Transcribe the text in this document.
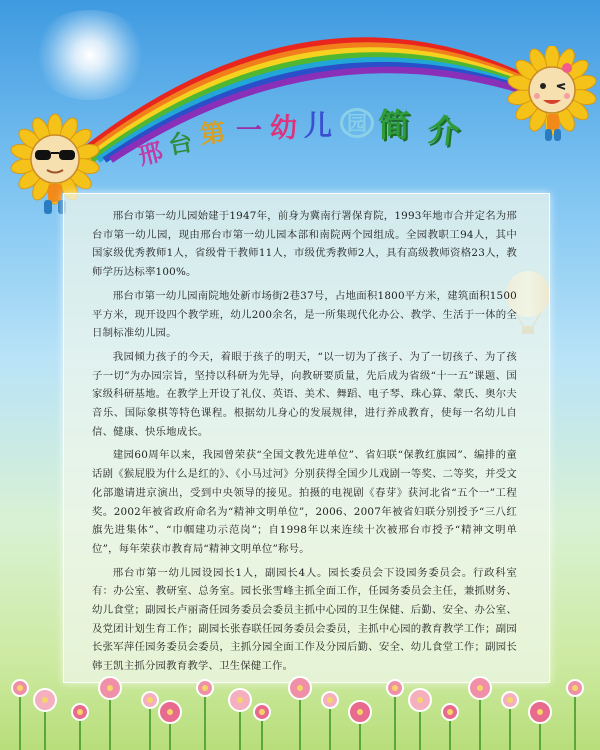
邢 台 第 一 幼 儿 园 简 介

邢台市第一幼儿园始建于1947年，前身为冀南行署保育院，1993年地市合并定名为邢台市第一幼儿园，现由邢台市第一幼儿园本部和南院两个园组成。全园教职工94人，其中国家级优秀教师1人，省级骨干教师11人，市级优秀教师2人，具有高级教师资格23人，教师学历达标率100%。

邢台市第一幼儿园南院地处新市场街2巷37号，占地面积1800平方米，建筑面积1500平方米，现开设四个教学班，幼儿200余名，是一所集现代化办公、教学、生活于一体的全日制标准幼儿园。

我园倾力孩子的今天，着眼于孩子的明天，“以一切为了孩子、为了一切孩子、为了孩子一切”为办园宗旨，坚持以科研为先导，向教研要质量，先后成为省级“十一五”课题、国家级科研基地。在教学上开设了礼仪、英语、美术、舞蹈、电子琴、珠心算、蒙氏、奥尔夫音乐、国际象棋等特色课程。根据幼儿身心的发展规律，进行养成教育，使每一名幼儿自信、健康、快乐地成长。

建园60周年以来，我园曾荣获“全国文教先进单位”、省妇联“保教红旗园”、编排的童话剧《猴屁股为什么是红的》、《小马过河》分别获得全国少儿戏剧一等奖、二等奖，并受文化部邀请进京演出，受到中央领导的接见。拍摄的电视剧《春芽》获河北省“五个一”工程奖。2002年被省政府命名为“精神文明单位”，2006、2007年被省妇联分别授予“三八红旗先进集体”、“巾帼建功示范岗”；自1998年以来连续十次被邢台市授予“精神文明单位”，每年荣获市教育局“精神文明单位”称号。

邢台市第一幼儿园设园长1人，副园长4人。园长委员会下设园务委员会。行政科室有：办公室、教研室、总务室。园长张雪峰主抓全面工作，任园务委员会主任，兼抓财务、幼儿食堂；副园长卢丽斋任园务委员会委员主抓中心园的卫生保健、后勤、安全、办公室、及党团计划生育工作；副园长张春联任园务委员会委员，主抓中心园的教育教学工作；副园长张军萍任园务委员会委员，主抓分园全面工作及分园后勤、安全、幼儿食堂工作；副园长韩王凯主抓分园教育教学、卫生保健工作。
